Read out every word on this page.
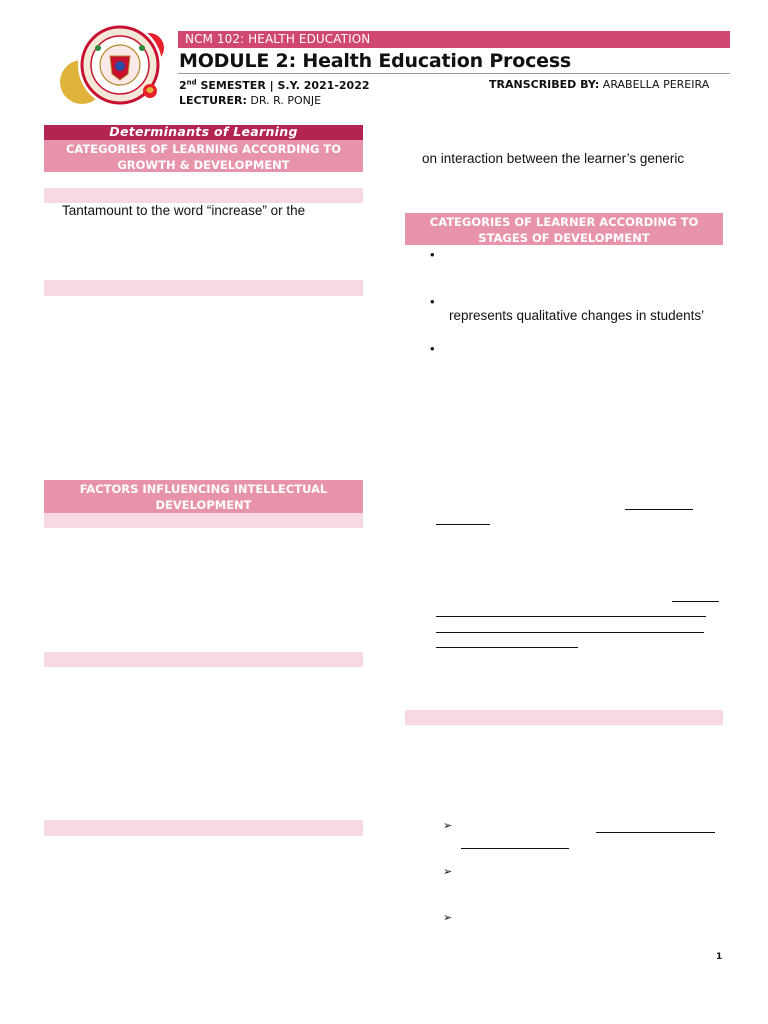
NCM 102: HEALTH EDUCATION
MODULE 2: Health Education Process
2nd SEMESTER | S.Y. 2021-2022	TRANSCRIBED BY: ARABELLA PEREIRA
LECTURER: DR. R. PONJE
Determinants of Learning
CATEGORIES OF LEARNING ACCORDING TO GROWTH & DEVELOPMENT
Tantamount to the word “increase” or the
FACTORS INFLUENCING INTELLECTUAL DEVELOPMENT
on interaction between the learner’s generic
CATEGORIES OF LEARNER ACCORDING TO STAGES OF DEVELOPMENT
•
•
represents qualitative changes in students’
•
➢
➢
➢
1
